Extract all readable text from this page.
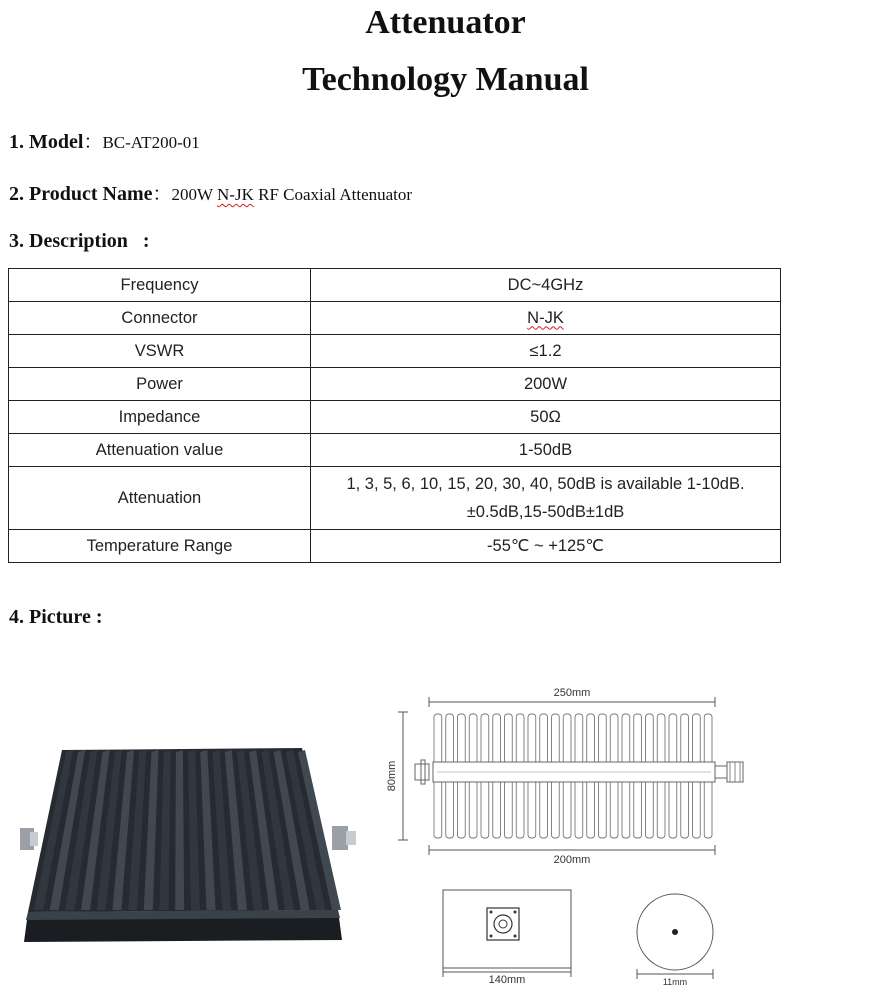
Attenuator
Technology Manual
1. Model：BC-AT200-01
2. Product Name：200W N-JK RF Coaxial Attenuator
3. Description   :
Frequency	DC~4GHz
Connector	N-JK
VSWR	≤1.2
Power	200W
Impedance	50Ω
Attenuation value	1-50dB
Attenuation	1, 3, 5, 6, 10, 15, 20, 30, 40, 50dB is available 1-10dB.
±0.5dB,15-50dB±1dB

Temperature Range	-55℃ ~ +125℃
4. Picture :
250mm
80mm
200mm
140mm	11mm
